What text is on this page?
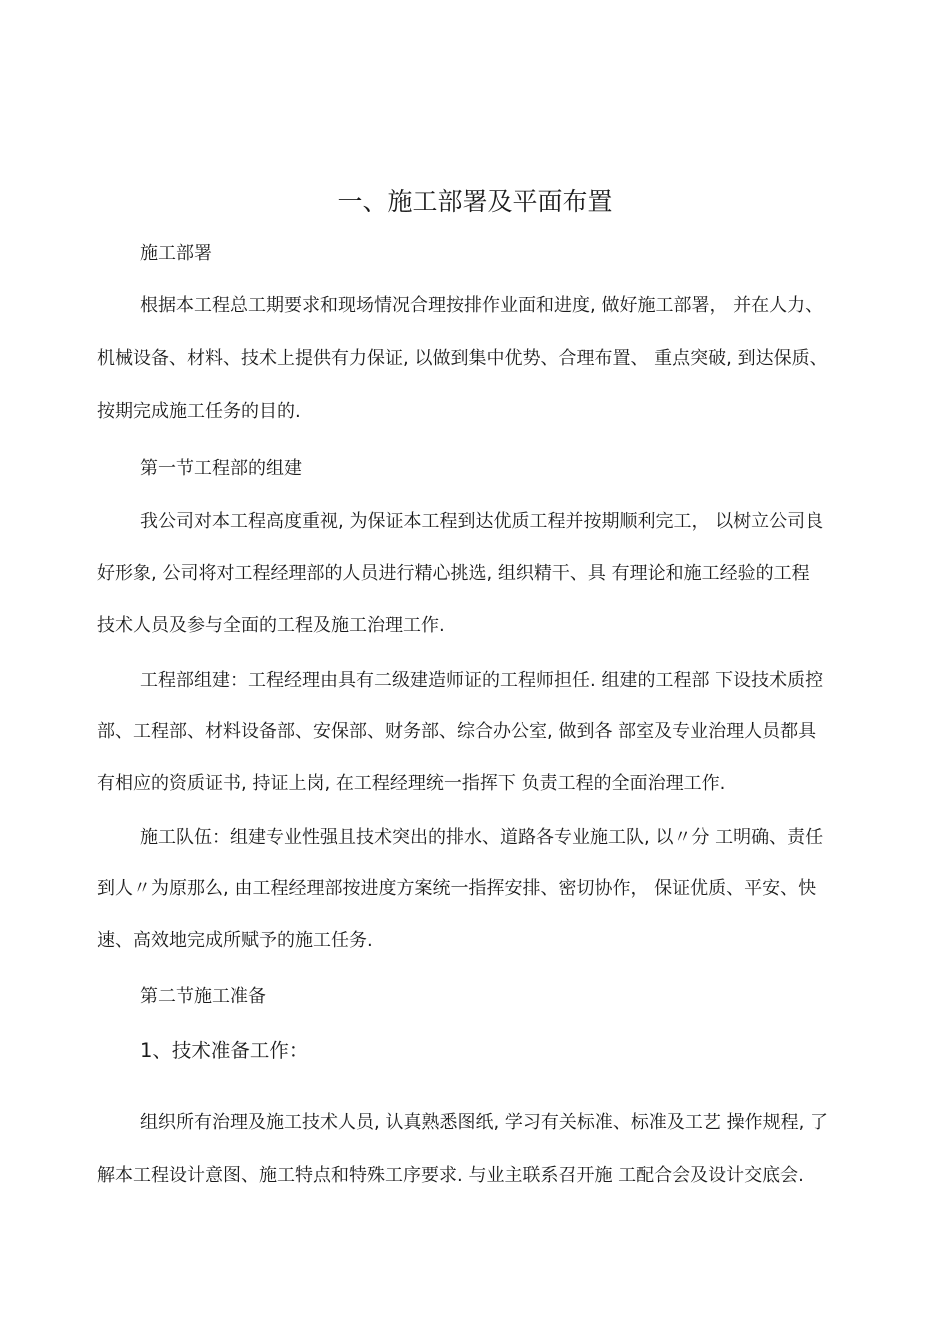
一、施工部署及平面布置
施工部署
根据本工程总工期要求和现场情况合理按排作业面和进度, 做好施工部署， 并在人力、
机械设备、材料、技术上提供有力保证, 以做到集中优势、合理布置、 重点突破, 到达保质、
按期完成施工任务的目的.
第一节工程部的组建
我公司对本工程高度重视, 为保证本工程到达优质工程并按期顺利完工， 以树立公司良
好形象, 公司将对工程经理部的人员进行精心挑选, 组织精干、具 有理论和施工经验的工程
技术人员及参与全面的工程及施工治理工作.
工程部组建：工程经理由具有二级建造师证的工程师担任. 组建的工程部 下设技术质控
部、工程部、材料设备部、安保部、财务部、综合办公室, 做到各 部室及专业治理人员都具
有相应的资质证书, 持证上岗, 在工程经理统一指挥下 负责工程的全面治理工作.
施工队伍：组建专业性强且技术突出的排水、道路各专业施工队, 以〃分 工明确、责任
到人〃为原那么, 由工程经理部按进度方案统一指挥安排、密切协作， 保证优质、平安、快
速、高效地完成所赋予的施工任务.
第二节施工准备
1、技术准备工作：
组织所有治理及施工技术人员, 认真熟悉图纸, 学习有关标准、标准及工艺 操作规程, 了
解本工程设计意图、施工特点和特殊工序要求. 与业主联系召开施 工配合会及设计交底会.
